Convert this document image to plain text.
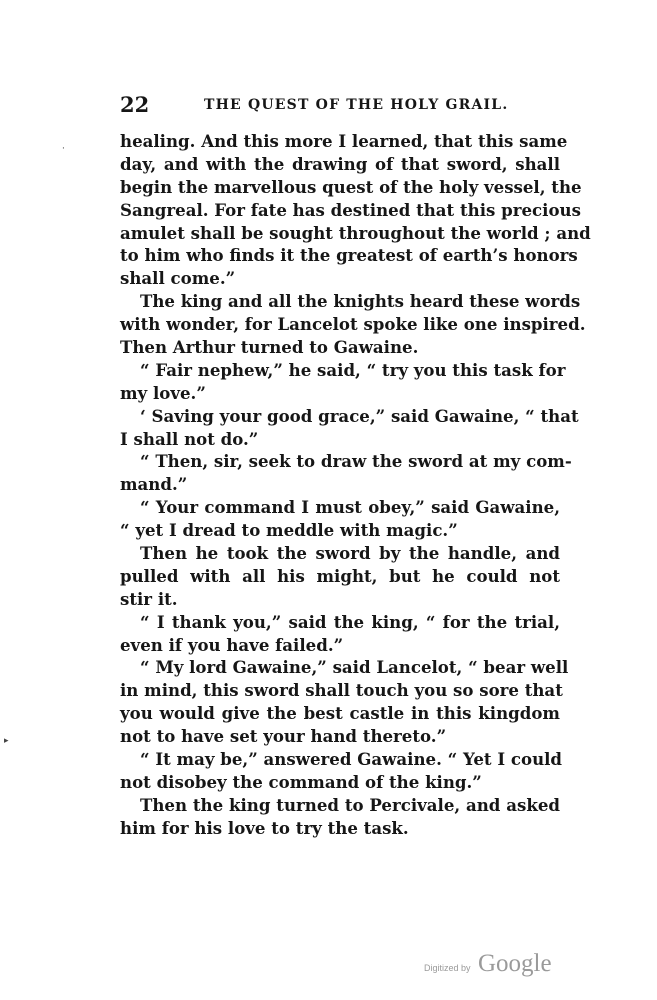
22	THE QUEST OF THE HOLY GRAIL.
healing. And this more I learned, that this same
day, and with the drawing of that sword, shall
begin the marvellous quest of the holy vessel, the
Sangreal. For fate has destined that this precious
amulet shall be sought throughout the world ; and
to him who finds it the greatest of earth’s honors
shall come.”
The king and all the knights heard these words
with wonder, for Lancelot spoke like one inspired.
Then Arthur turned to Gawaine.
“ Fair nephew,” he said, “ try you this task for
my love.”
‘ Saving your good grace,” said Gawaine, “ that
I shall not do.”
“ Then, sir, seek to draw the sword at my com-
mand.”
“ Your command I must obey,” said Gawaine,
“ yet I dread to meddle with magic.”
Then he took the sword by the handle, and
pulled with all his might, but he could not
stir it.
“ I thank you,” said the king, “ for the trial,
even if you have failed.”
“ My lord Gawaine,” said Lancelot, “ bear well
in mind, this sword shall touch you so sore that
you would give the best castle in this kingdom
not to have set your hand thereto.”
“ It may be,” answered Gawaine. “ Yet I could
not disobey the command of the king.”
Then the king turned to Percivale, and asked
him for his love to try the task.
·
▸
Digitized by Google
